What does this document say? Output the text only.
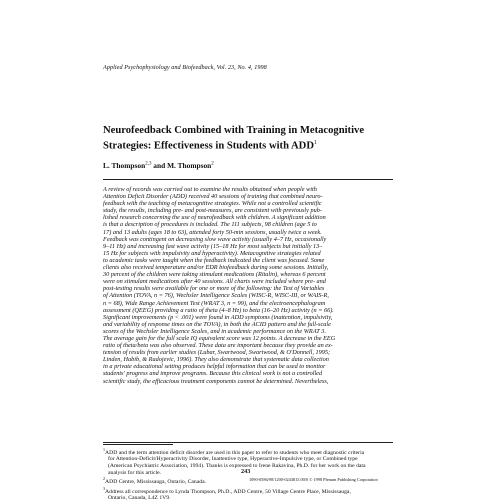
Applied Psychophysiology and Biofeedback, Vol. 23, No. 4, 1998
Neurofeedback Combined with Training in Metacognitive
Strategies: Effectiveness in Students with ADD$^1$
L. Thompson$^{2,3}$ and M. Thompson$^2$
A review of records was carried out to examine the results obtained when people with
Attention Deficit Disorder (ADD) received 40 sessions of training that combined neuro-
feedback with the teaching of metacognitive strategies. While not a controlled scientific
study, the results, including pre- and post-measures, are consistent with previously pub-
lished research concerning the use of neurofeedback with children. A significant addition
is that a description of procedures is included. The 111 subjects, 98 children (age 5 to
17) and 13 adults (ages 18 to 63), attended forty 50-min sessions, usually twice a week.
Feedback was contingent on decreasing slow wave activity (usually 4–7 Hz, occasionally
9–11 Hz) and increasing fast wave activity (15–18 Hz for most subjects but initially 13–
15 Hz for subjects with impulsivity and hyperactivity). Metacognitive strategies related
to academic tasks were taught when the feedback indicated the client was focused. Some
clients also received temperature and/or EDR biofeedback during some sessions. Initially,
30 percent of the children were taking stimulant medications (Ritalin), whereas 6 percent
were on stimulant medications after 40 sessions. All charts were included where pre- and
post-testing results were available for one or more of the following: the Test of Variables
of Attention (TOVA, n = 76), Wechsler Intelligence Scales (WISC-R, WISC-III, or WAIS-R,
n = 68), Wide Range Achievement Test (WRAT 3, n = 99), and the electroencephalogram
assessment (QEEG) providing a ratio of theta (4–8 Hz) to beta (16–20 Hz) activity (n = 66).
Significant improvements (p < .001) were found in ADD symptoms (inattention, impulsivity,
and variability of response times on the TOVA), in both the ACID pattern and the full-scale
scores of the Wechsler Intelligence Scales, and in academic performance on the WRAT 3.
The average gain for the full scale IQ equivalent score was 12 points. A decrease in the EEG
ratio of theta/beta was also observed. These data are important because they provide an ex-
tension of results from earlier studies (Lubar, Swartwood, Swartwood, & O'Donnell, 1995;
Linden, Habib, & Radojevic, 1996). They also demonstrate that systematic data collection
in a private educational setting produces helpful information that can be used to monitor
students' progress and improve programs. Because this clinical work is not a controlled
scientific study, the efficacious treatment components cannot be determined. Nevertheless,
$^1$ADD and the term attention deficit disorder are used in this paper to refer to students who meet diagnostic criteria
for Attention-Deficit/Hyperactivity Disorder, Inattentive type, Hyperactive-Impulsive type, or Combined type
(American Psychiatric Association, 1994). Thanks is expressed to Irene Rakavina, Ph.D. for her work on the data
analysis for this article.
$^2$ADD Centre, Mississauga, Ontario, Canada.
$^3$Address all correspondence to Lynda Thompson, Ph.D., ADD Centre, 50 Village Centre Place, Mississauga,
Ontario, Canada, L4Z 1V9.
243
1090-0586/98/1200-0243$15.00/0 © 1998 Plenum Publishing Corporation
